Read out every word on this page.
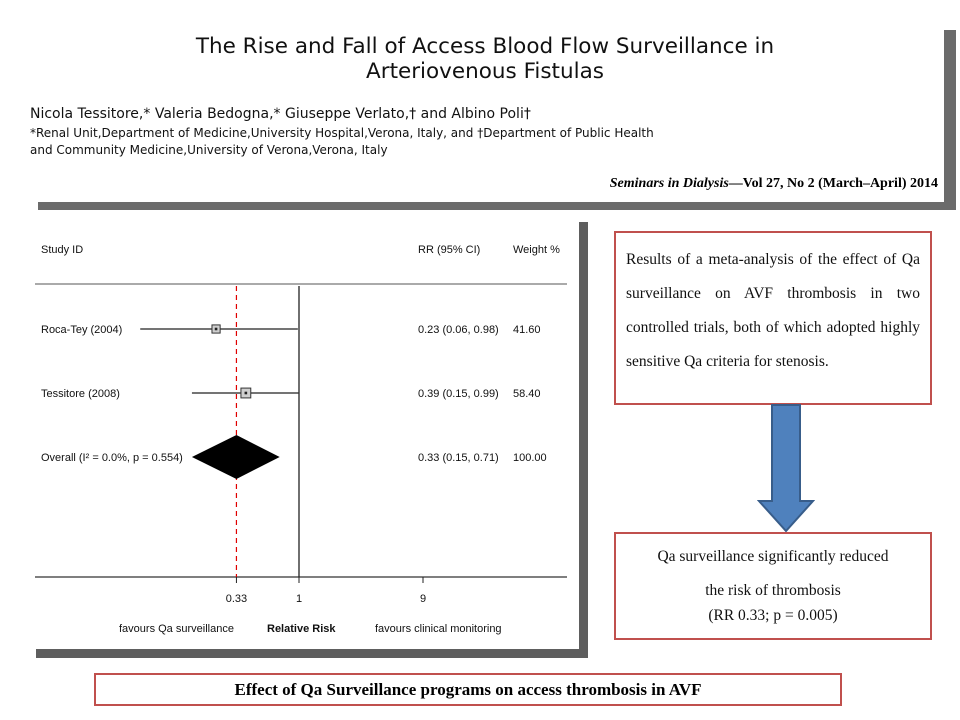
The Rise and Fall of Access Blood Flow Surveillance in
Arteriovenous Fistulas
Nicola Tessitore,* Valeria Bedogna,* Giuseppe Verlato,† and Albino Poli†
*Renal Unit,Department of Medicine,University Hospital,Verona, Italy, and †Department of Public Health
and Community Medicine,University of Verona,Verona, Italy
Seminars in Dialysis—Vol 27, No 2 (March–April) 2014
Study ID	RR (95% CI)	Weight %
Roca-Tey (2004)	0.23 (0.06, 0.98) 41.60
Tessitore (2008)	0.39 (0.15, 0.99) 58.40
Overall (I² = 0.0%, p = 0.554)	0.33 (0.15, 0.71) 100.00
favours Qa surveillance	Relative Risk	favours clinical monitoring
0.33	1	9
Results of a meta-analysis of the effect of Qa surveillance on AVF thrombosis in two controlled trials, both of which adopted highly sensitive Qa criteria for stenosis.
Qa surveillance significantly reduced
the risk of thrombosis
(RR 0.33; p = 0.005)
Effect of Qa Surveillance programs on access thrombosis in AVF
